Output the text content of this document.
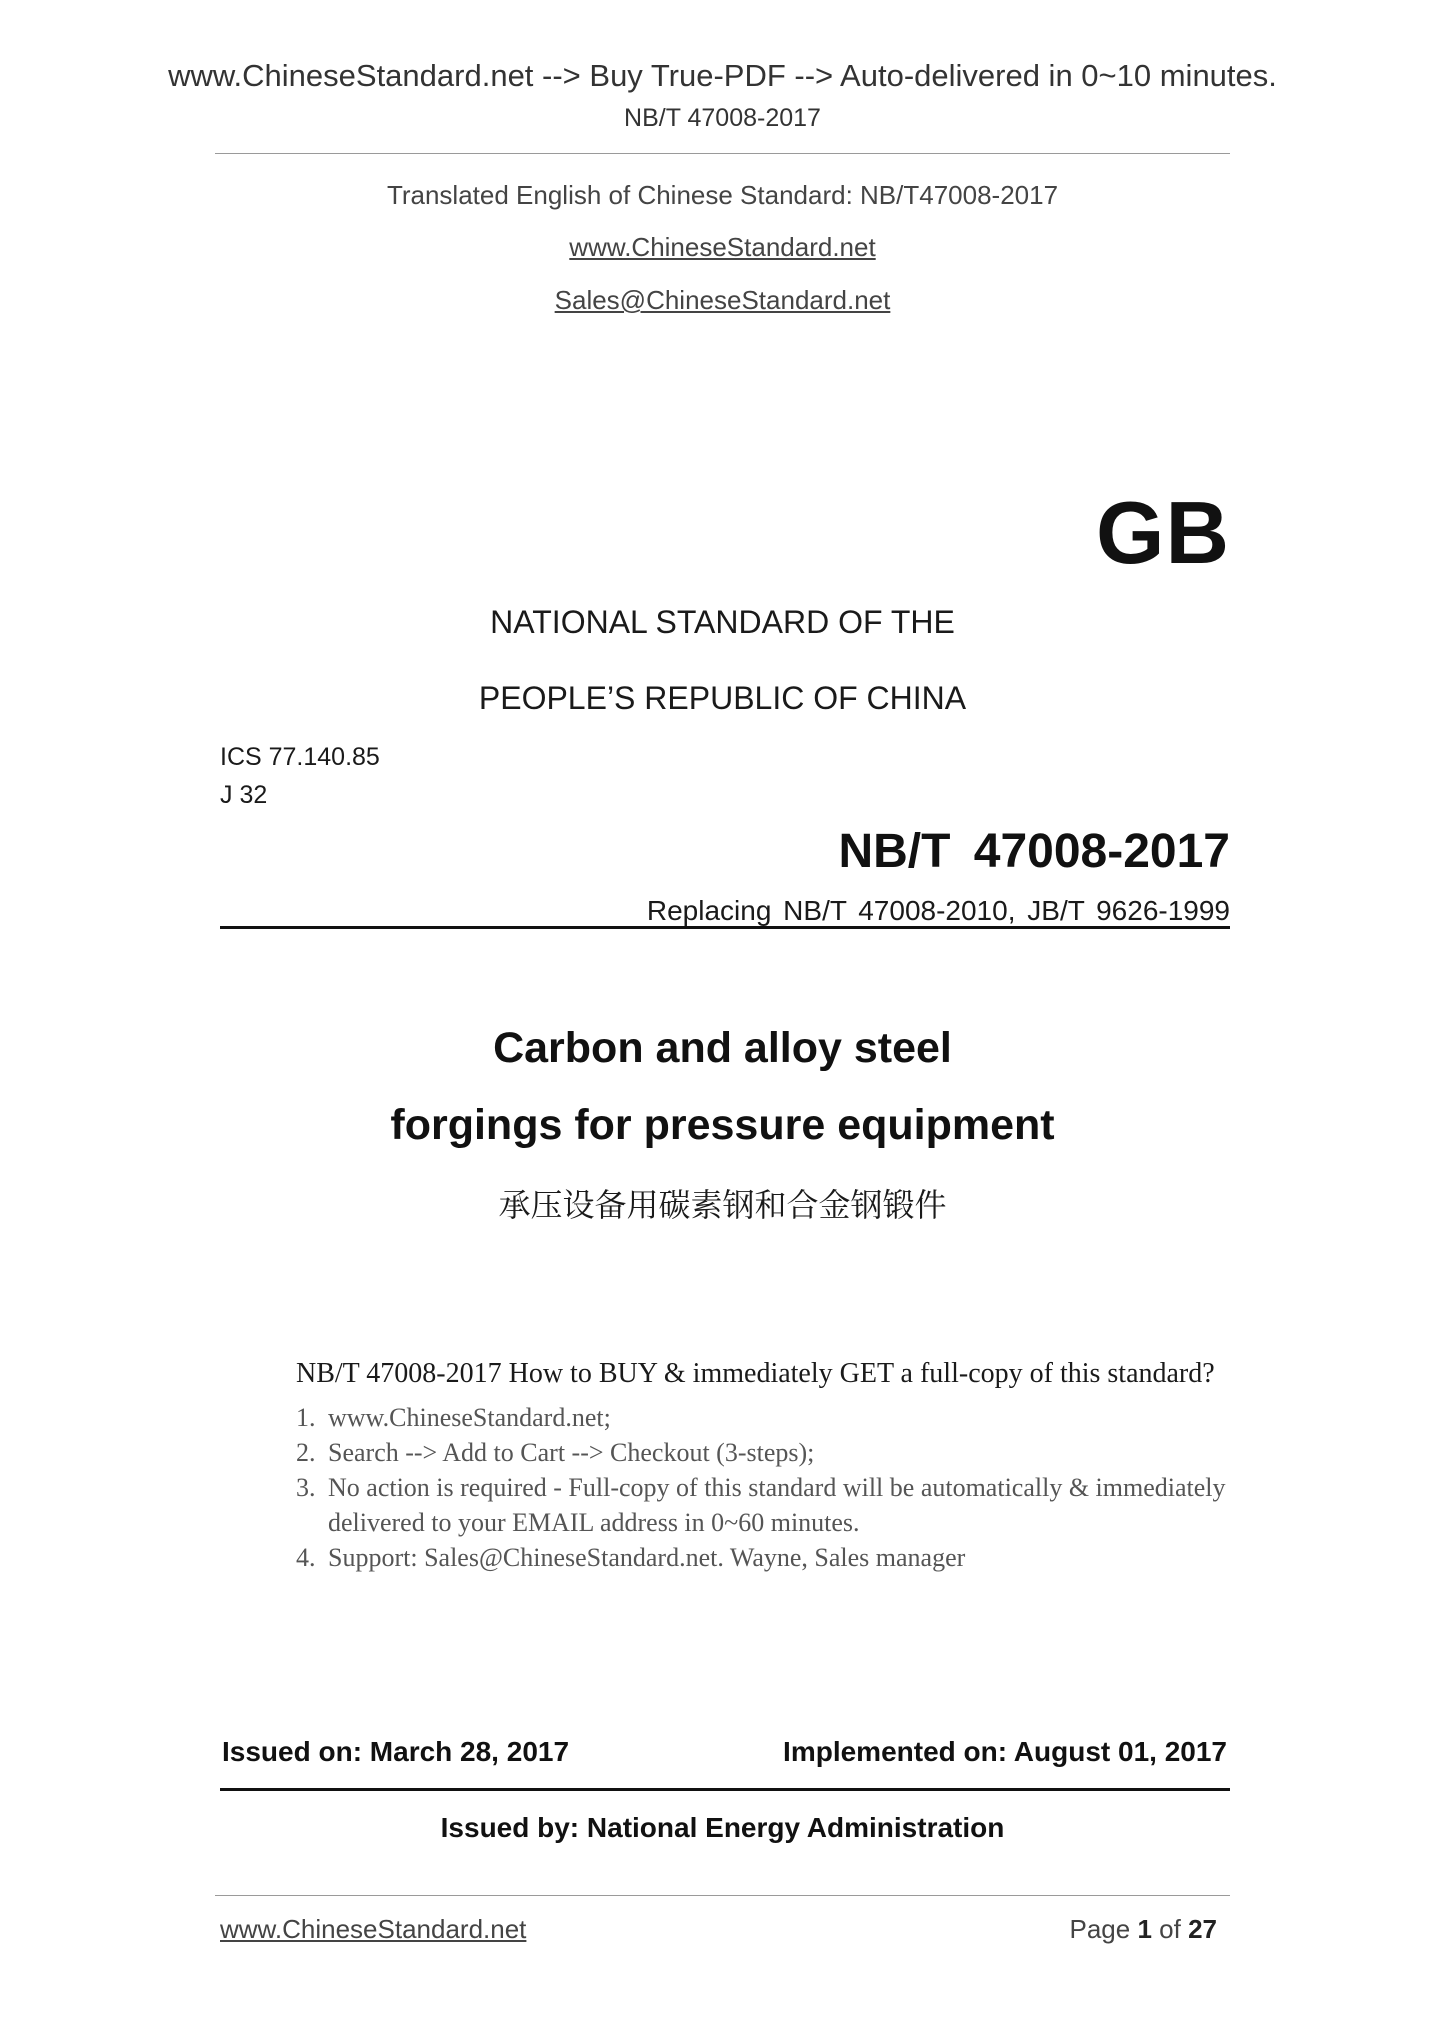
www.ChineseStandard.net --> Buy True-PDF --> Auto-delivered in 0~10 minutes.
NB/T 47008-2017
Translated English of Chinese Standard: NB/T47008-2017
www.ChineseStandard.net
Sales@ChineseStandard.net
GB
NATIONAL STANDARD OF THE
PEOPLE’S REPUBLIC OF CHINA
ICS 77.140.85
J 32
NB/T 47008-2017
Replacing NB/T 47008-2010, JB/T 9626-1999
Carbon and alloy steel
forgings for pressure equipment
承压设备用碳素钢和合金钢锻件
NB/T 47008-2017 How to BUY & immediately GET a full-copy of this standard?
1. www.ChineseStandard.net;
2. Search --> Add to Cart --> Checkout (3-steps);
3. No action is required - Full-copy of this standard will be automatically & immediately delivered to your EMAIL address in 0~60 minutes.
4. Support: Sales@ChineseStandard.net. Wayne, Sales manager
Issued on: March 28, 2017	Implemented on: August 01, 2017
Issued by: National Energy Administration
www.ChineseStandard.net	Page 1 of 27
